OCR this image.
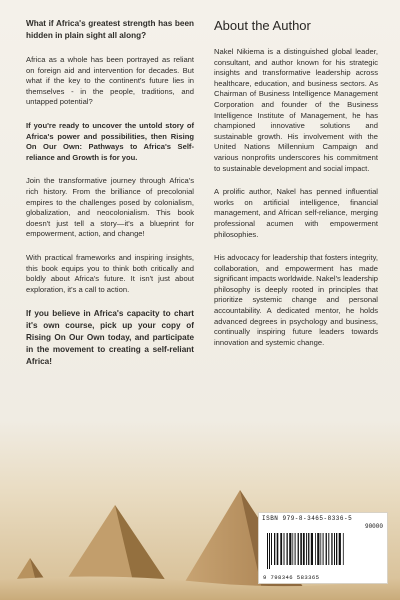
What if Africa's greatest strength has been hidden in plain sight all along?

Africa as a whole has been portrayed as reliant on foreign aid and intervention for decades. But what if the key to the continent's future lies in themselves - in the people, traditions, and untapped potential?

If you're ready to uncover the untold story of Africa's power and possibilities, then Rising On Our Own: Pathways to Africa's Self-reliance and Growth is for you.

Join the transformative journey through Africa's rich history. From the brilliance of precolonial empires to the challenges posed by colonialism, globalization, and neocolonialism. This book doesn't just tell a story—it's a blueprint for empowerment, action, and change!

With practical frameworks and inspiring insights, this book equips you to think both critically and boldly about Africa's future. It isn't just about exploration, it's a call to action.

If you believe in Africa's capacity to chart it's own course, pick up your copy of Rising On Our Own today, and participate in the movement to creating a self-reliant Africa!

About the Author

Nakel Nikiema is a distinguished global leader, consultant, and author known for his strategic insights and transformative leadership across healthcare, education, and business sectors. As Chairman of Business Intelligence Management Corporation and founder of the Business Intelligence Institute of Management, he has championed innovative solutions and sustainable growth. His involvement with the United Nations Millennium Campaign and various nonprofits underscores his commitment to sustainable development and social impact.

A prolific author, Nakel has penned influential works on artificial intelligence, financial management, and African self-reliance, merging professional acumen with empowerment philosophies.

His advocacy for leadership that fosters integrity, collaboration, and empowerment has made significant impacts worldwide. Nakel's leadership philosophy is deeply rooted in principles that prioritize systemic change and personal accountability. A dedicated mentor, he holds advanced degrees in psychology and business, continually inspiring future leaders towards innovation and systemic change.

ISBN 979-8-3465-8336-5
90000
9 798346 583365
